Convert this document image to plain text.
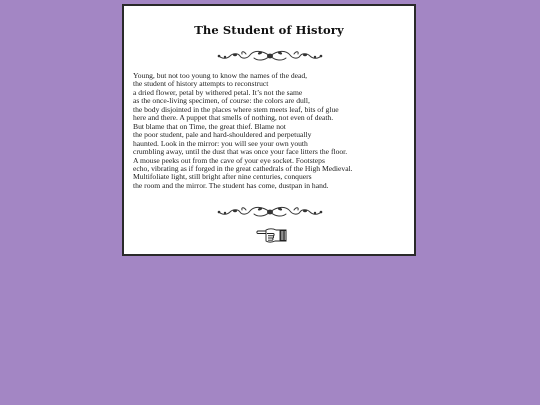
The Student of History
Young, but not too young to know the names of the dead,
the student of history attempts to reconstruct
a dried flower, petal by withered petal. It’s not the same
as the once-living specimen, of course: the colors are dull,
the body disjointed in the places where stem meets leaf, bits of glue
here and there. A puppet that smells of nothing, not even of death.
But blame that on Time, the great thief. Blame not
the poor student, pale and hard-shouldered and perpetually
haunted. Look in the mirror: you will see your own youth
crumbling away, until the dust that was once your face litters the floor.
A mouse peeks out from the cave of your eye socket. Footsteps
echo, vibrating as if forged in the great cathedrals of the High Medieval.
Multifoliate light, still bright after nine centuries, conquers
the room and the mirror. The student has come, dustpan in hand.
